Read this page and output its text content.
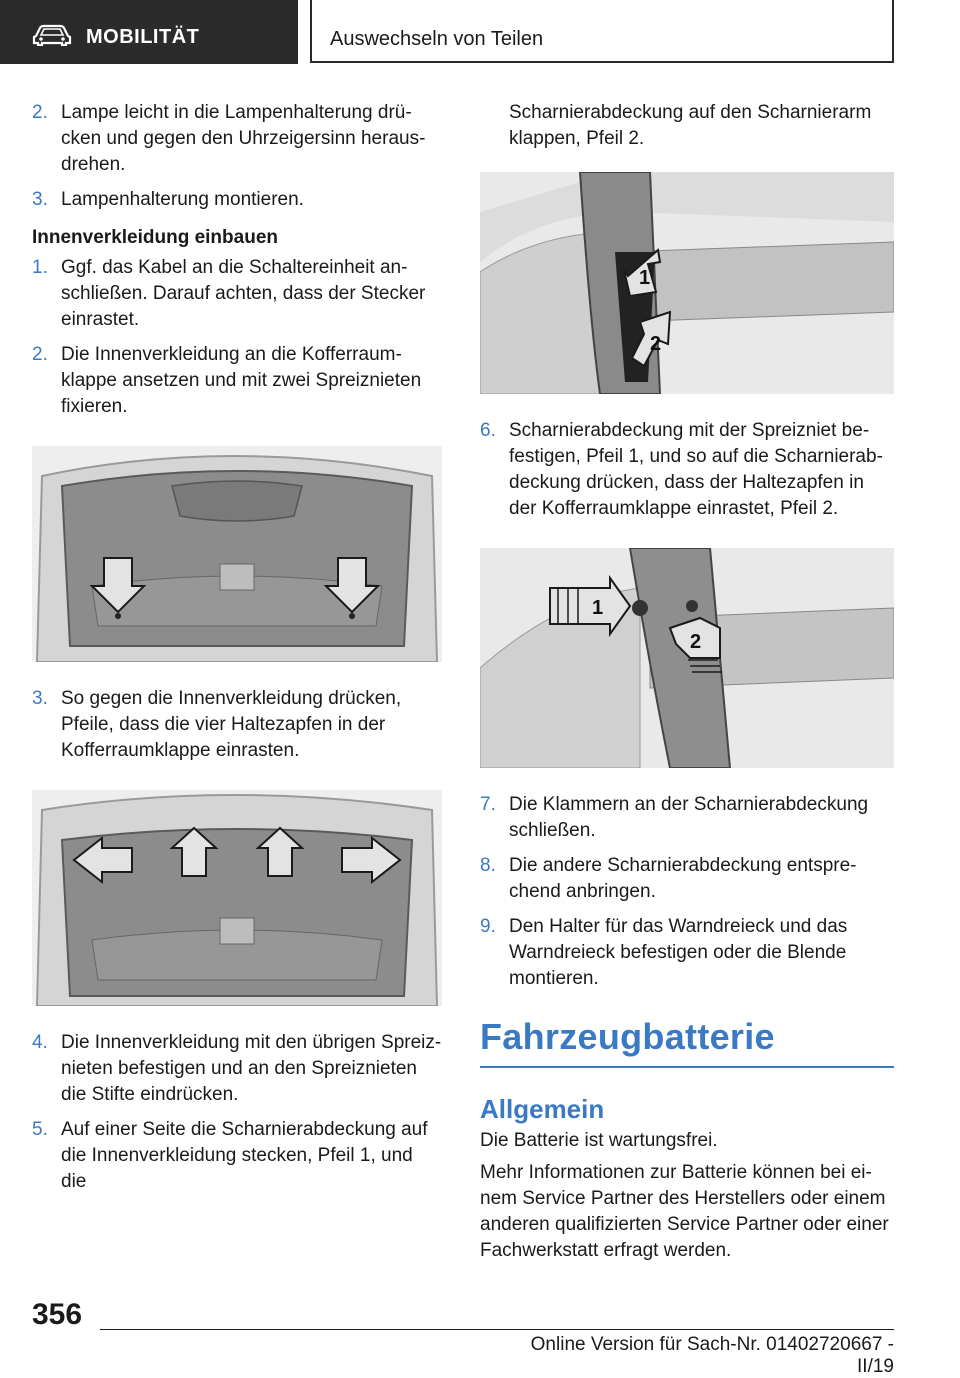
MOBILITÄT	Auswechseln von Teilen
2. Lampe leicht in die Lampenhalterung drücken und gegen den Uhrzeigersinn herausdrehen.
3. Lampenhalterung montieren.
Innenverkleidung einbauen
1. Ggf. das Kabel an die Schaltereinheit anschließen. Darauf achten, dass der Stecker einrastet.
2. Die Innenverkleidung an die Kofferraumklappe ansetzen und mit zwei Spreiznieten fixieren.
3. So gegen die Innenverkleidung drücken, Pfeile, dass die vier Haltezapfen in der Kofferraumklappe einrasten.
4. Die Innenverkleidung mit den übrigen Spreiznieten befestigen und an den Spreiznieten die Stifte eindrücken.
5. Auf einer Seite die Scharnierabdeckung auf die Innenverkleidung stecken, Pfeil 1, und die
Scharnierabdeckung auf den Scharnierarm klappen, Pfeil 2.
1
2
6. Scharnierabdeckung mit der Spreizniet befestigen, Pfeil 1, und so auf die Scharnierabdeckung drücken, dass der Haltezapfen in der Kofferraumklappe einrastet, Pfeil 2.
1
2
7. Die Klammern an der Scharnierabdeckung schließen.
8. Die andere Scharnierabdeckung entsprechend anbringen.
9. Den Halter für das Warndreieck und das Warndreieck befestigen oder die Blende montieren.
Fahrzeugbatterie
Allgemein
Die Batterie ist wartungsfrei.
Mehr Informationen zur Batterie können bei einem Service Partner des Herstellers oder einem anderen qualifizierten Service Partner oder einer Fachwerkstatt erfragt werden.
356
Online Version für Sach-Nr. 01402720667 - II/19
